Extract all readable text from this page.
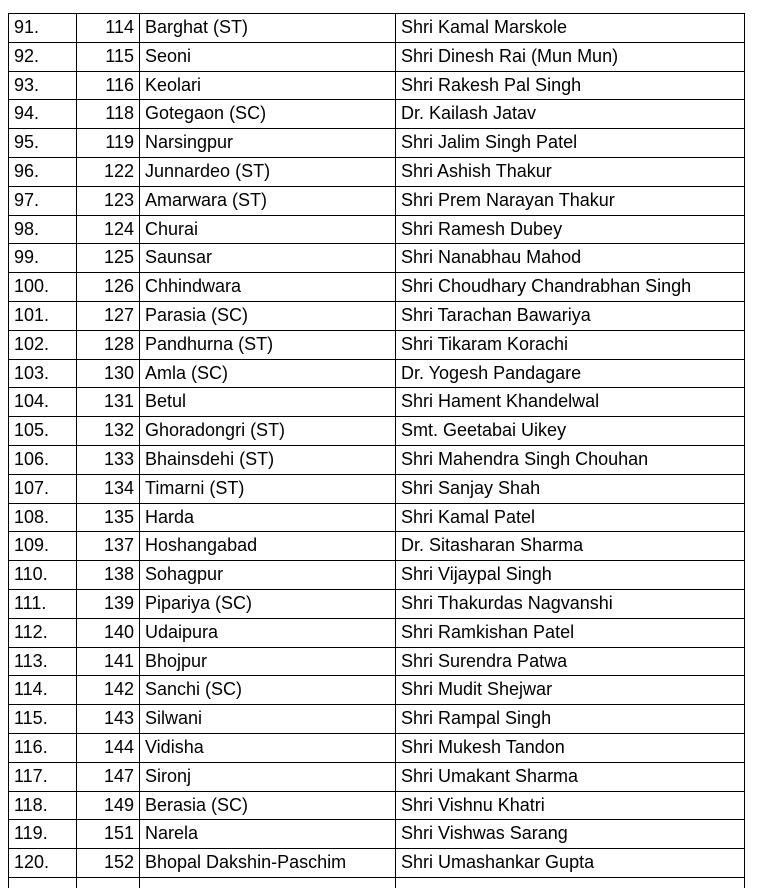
91.	114	Barghat (ST)	Shri Kamal Marskole
92.	115	Seoni	Shri Dinesh Rai (Mun Mun)
93.	116	Keolari	Shri Rakesh Pal Singh
94.	118	Gotegaon (SC)	Dr. Kailash Jatav
95.	119	Narsingpur	Shri Jalim Singh Patel
96.	122	Junnardeo (ST)	Shri Ashish Thakur
97.	123	Amarwara (ST)	Shri Prem Narayan Thakur
98.	124	Churai	Shri Ramesh Dubey
99.	125	Saunsar	Shri Nanabhau Mahod
100.	126	Chhindwara	Shri Choudhary Chandrabhan Singh
101.	127	Parasia (SC)	Shri Tarachan Bawariya
102.	128	Pandhurna (ST)	Shri Tikaram Korachi
103.	130	Amla (SC)	Dr. Yogesh Pandagare
104.	131	Betul	Shri Hament Khandelwal
105.	132	Ghoradongri (ST)	Smt. Geetabai Uikey
106.	133	Bhainsdehi (ST)	Shri Mahendra Singh Chouhan
107.	134	Timarni (ST)	Shri Sanjay Shah
108.	135	Harda	Shri Kamal Patel
109.	137	Hoshangabad	Dr. Sitasharan Sharma
110.	138	Sohagpur	Shri Vijaypal Singh
111.	139	Pipariya (SC)	Shri Thakurdas Nagvanshi
112.	140	Udaipura	Shri Ramkishan Patel
113.	141	Bhojpur	Shri Surendra Patwa
114.	142	Sanchi (SC)	Shri Mudit Shejwar
115.	143	Silwani	Shri Rampal Singh
116.	144	Vidisha	Shri Mukesh Tandon
117.	147	Sironj	Shri Umakant Sharma
118.	149	Berasia (SC)	Shri Vishnu Khatri
119.	151	Narela	Shri Vishwas Sarang
120.	152	Bhopal Dakshin-Paschim	Shri Umashankar Gupta
